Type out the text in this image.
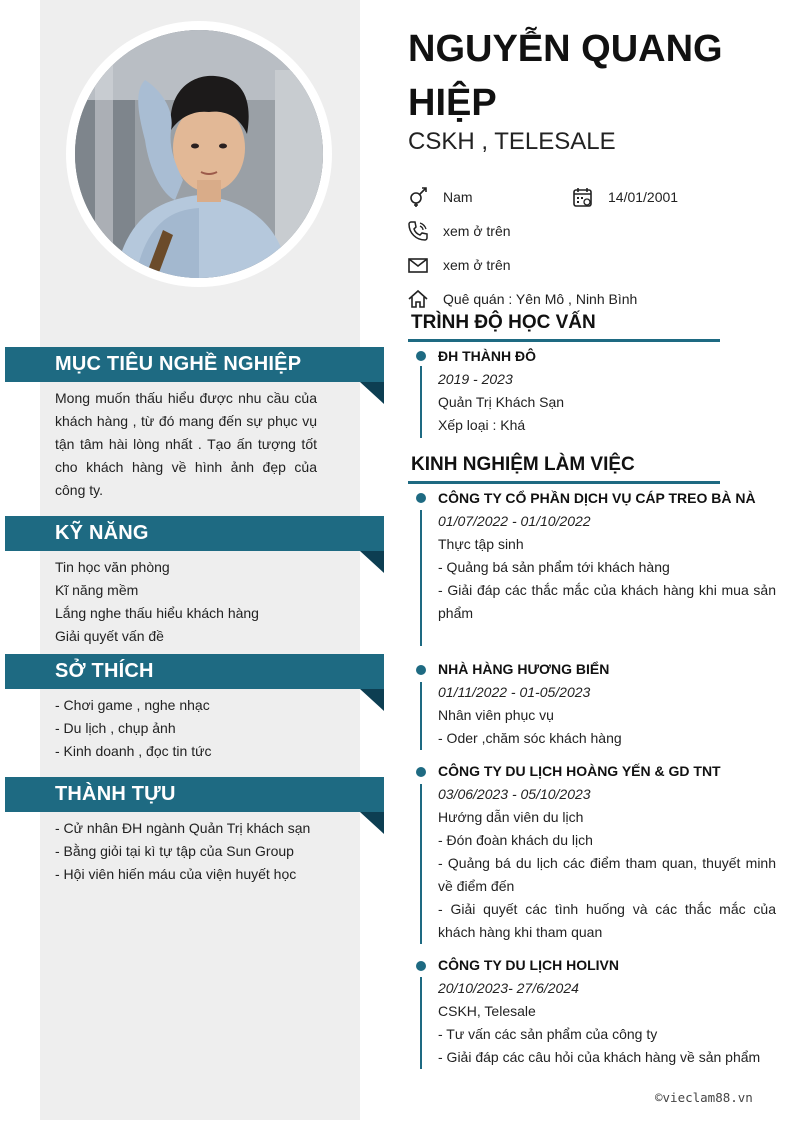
MỤC TIÊU NGHỀ NGHIỆP
Mong muốn thấu hiểu được nhu cầu của khách hàng , từ đó mang đến sự phục vụ tận tâm hài lòng nhất . Tạo ấn tượng tốt cho khách hàng về hình ảnh đẹp của công ty.
KỸ NĂNG
Tin học văn phòng
Kĩ năng mềm
Lắng nghe thấu hiểu khách hàng
Giải quyết vấn đề
SỞ THÍCH
- Chơi game , nghe nhạc
- Du lịch , chụp ảnh
- Kinh doanh , đọc tin tức
THÀNH TỰU
- Cử nhân ĐH ngành Quản Trị khách sạn
- Bằng giỏi tại kì tự tập của Sun Group
- Hội viên hiến máu của viện huyết học
NGUYỄN QUANG HIỆP
CSKH , TELESALE
Nam	14/01/2001
xem ở trên
xem ở trên
Quê quán : Yên Mô , Ninh Bình
TRÌNH ĐỘ HỌC VẤN
ĐH THÀNH ĐÔ
2019 - 2023
Quản Trị Khách Sạn
Xếp loại : Khá
KINH NGHIỆM LÀM VIỆC
CÔNG TY CỔ PHẦN DỊCH VỤ CÁP TREO BÀ NÀ
01/07/2022 - 01/10/2022
Thực tập sinh
- Quảng bá sản phẩm tới khách hàng
- Giải đáp các thắc mắc của khách hàng khi mua sản phẩm
NHÀ HÀNG HƯƠNG BIỂN
01/11/2022 - 01-05/2023
Nhân viên phục vụ
- Oder ,chăm sóc khách hàng
CÔNG TY DU LỊCH HOÀNG YẾN & GD TNT
03/06/2023 - 05/10/2023
Hướng dẫn viên du lịch
- Đón đoàn khách du lịch
- Quảng bá du lịch các điểm tham quan, thuyết minh về điểm đến
- Giải quyết các tình huống và các thắc mắc của khách hàng khi tham quan
CÔNG TY DU LỊCH HOLIVN
20/10/2023- 27/6/2024
CSKH, Telesale
- Tư vấn các sản phẩm của công ty
- Giải đáp các câu hỏi của khách hàng về sản phẩm
©vieclam88.vn
